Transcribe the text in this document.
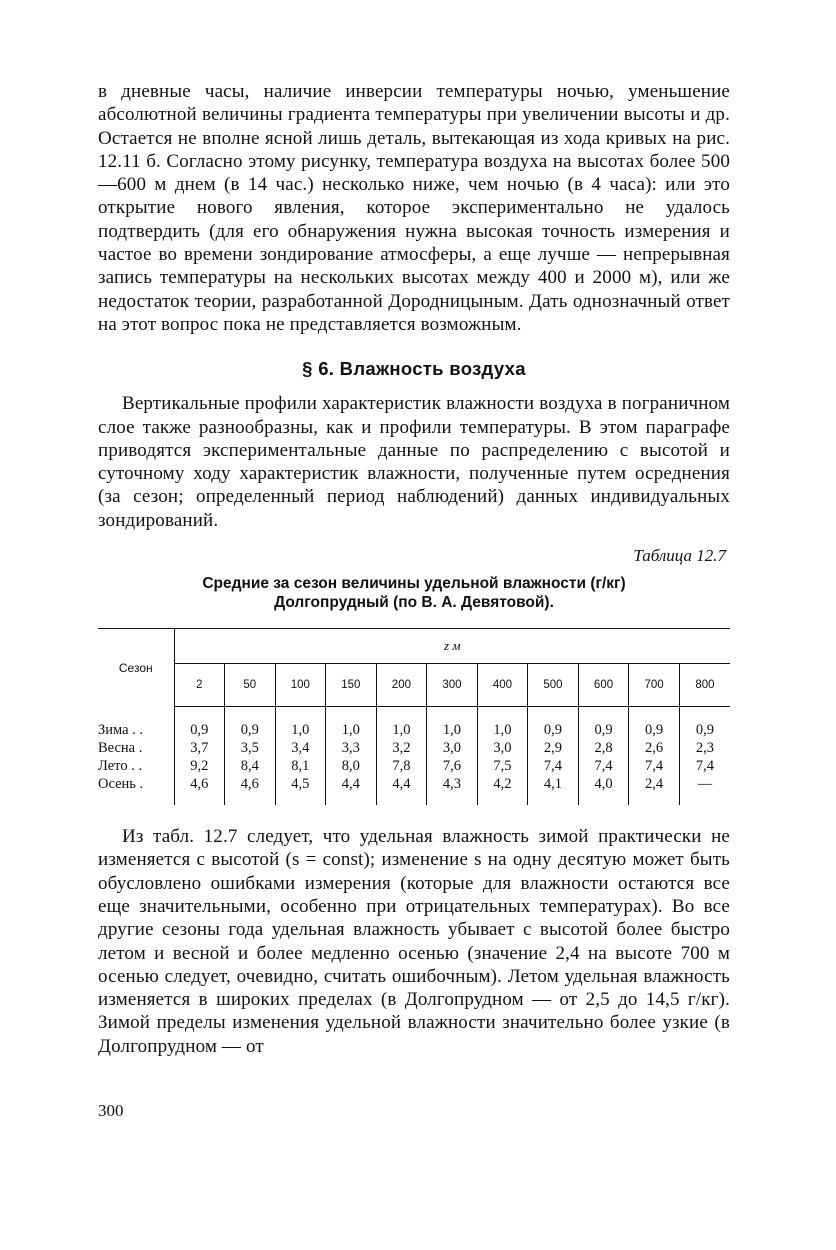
в дневные часы, наличие инверсии температуры ночью, уменьшение абсолютной величины градиента температуры при увеличении высоты и др. Остается не вполне ясной лишь деталь, вытекающая из хода кривых на рис. 12.11 б. Согласно этому рисунку, температура воздуха на высотах более 500—600 м днем (в 14 час.) несколько ниже, чем ночью (в 4 часа): или это открытие нового явления, которое экспериментально не удалось подтвердить (для его обнаружения нужна высокая точность измерения и частое во времени зондирование атмосферы, а еще лучше — непрерывная запись температуры на нескольких высотах между 400 и 2000 м), или же недостаток теории, разработанной Дородницыным. Дать однозначный ответ на этот вопрос пока не представляется возможным.

§ 6. Влажность воздуха

Вертикальные профили характеристик влажности воздуха в пограничном слое также разнообразны, как и профили температуры. В этом параграфе приводятся экспериментальные данные по распределению с высотой и суточному ходу характеристик влажности, полученные путем осреднения (за сезон; определенный период наблюдений) данных индивидуальных зондирований.

Таблица 12.7
Средние за сезон величины удельной влажности (г/кг)
Долгопрудный (по В. А. Девятовой).
Сезон	z м										
	2	50	100	150	200	300	400	500	600	700	800

Зима . .	0,9	0,9	1,0	1,0	1,0	1,0	1,0	0,9	0,9	0,9	0,9
Весна .	3,7	3,5	3,4	3,3	3,2	3,0	3,0	2,9	2,8	2,6	2,3
Лето . .	9,2	8,4	8,1	8,0	7,8	7,6	7,5	7,4	7,4	7,4	7,4
Осень .	4,6	4,6	4,5	4,4	4,4	4,3	4,2	4,1	4,0	2,4	—

Из табл. 12.7 следует, что удельная влажность зимой практически не изменяется с высотой (s = const); изменение s на одну десятую может быть обусловлено ошибками измерения (которые для влажности остаются все еще значительными, особенно при отрицательных температурах). Во все другие сезоны года удельная влажность убывает с высотой более быстро летом и весной и более медленно осенью (значение 2,4 на высоте 700 м осенью следует, очевидно, считать ошибочным). Летом удельная влажность изменяется в широких пределах (в Долгопрудном — от 2,5 до 14,5 г/кг). Зимой пределы изменения удельной влажности значительно более узкие (в Долгопрудном — от

300
